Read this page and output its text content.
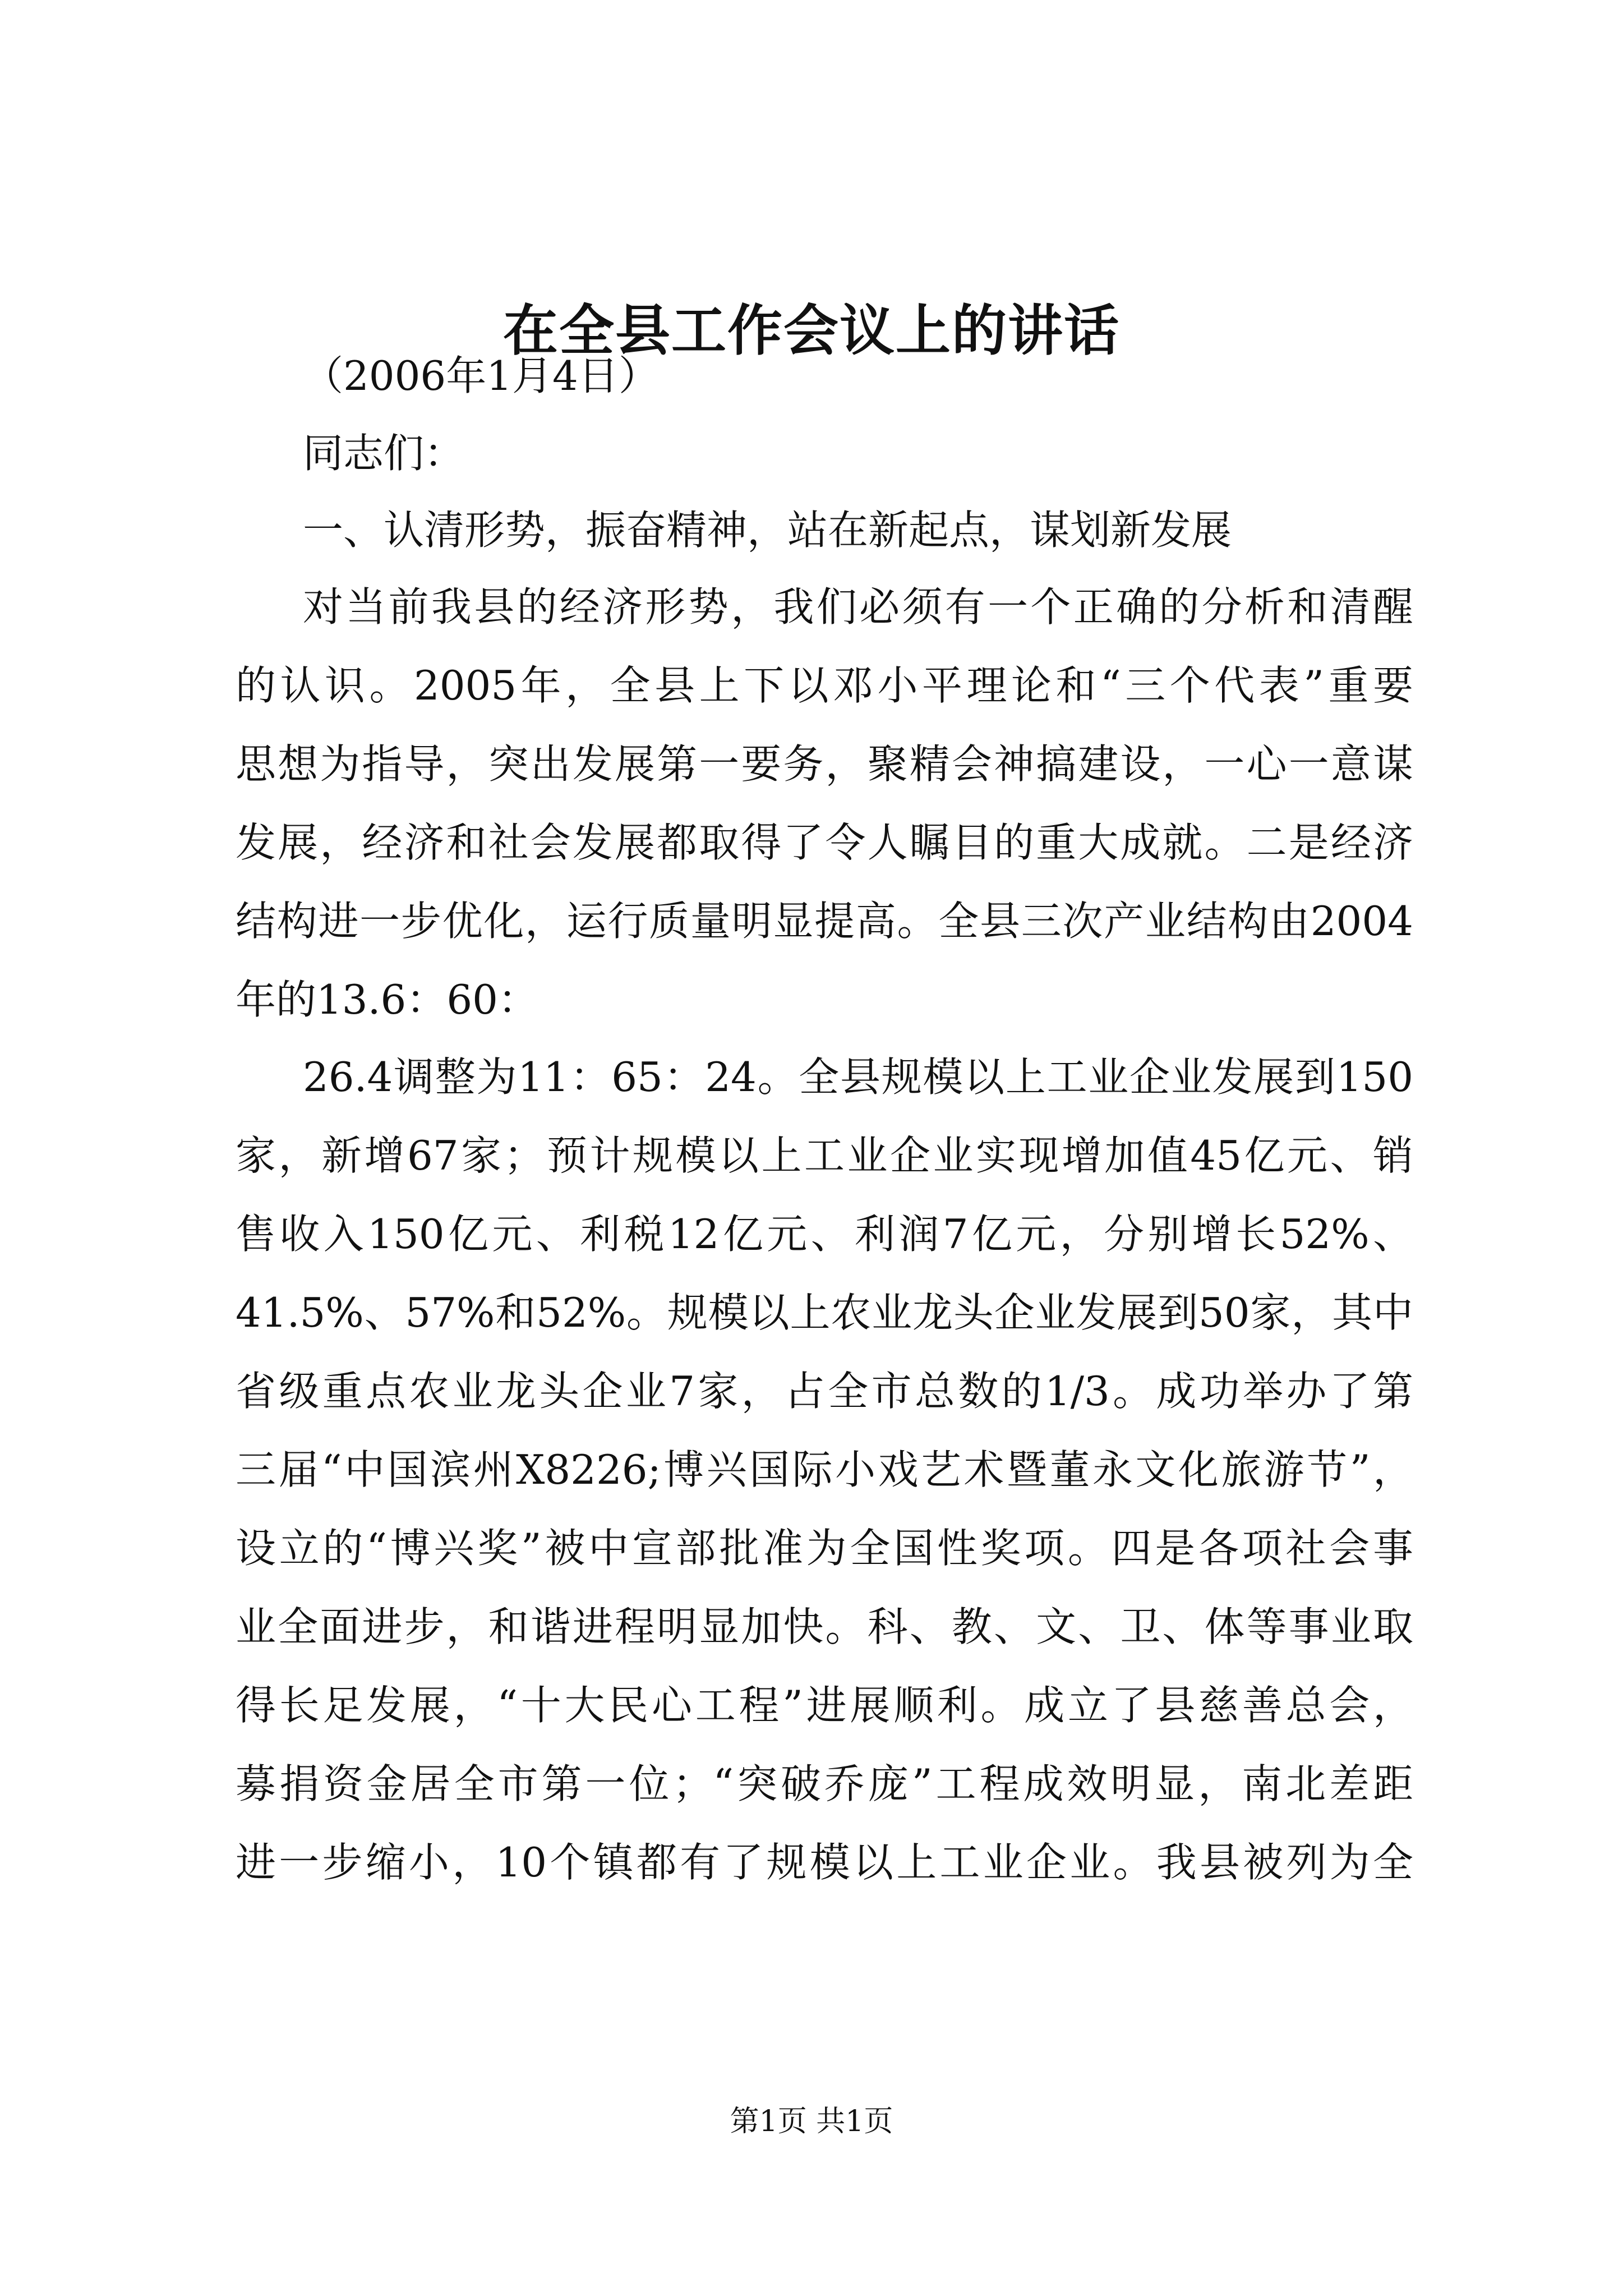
在全县工作会议上的讲话
（2006年1月4日）
同志们：
一、认清形势，振奋精神，站在新起点，谋划新发展
对当前我县的经济形势，我们必须有一个正确的分析和清醒
的认识。2005年，全县上下以邓小平理论和“三个代表”重要
思想为指导，突出发展第一要务，聚精会神搞建设，一心一意谋
发展，经济和社会发展都取得了令人瞩目的重大成就。二是经济
结构进一步优化，运行质量明显提高。全县三次产业结构由2004
年的13.6：60：
26.4调整为11：65：24。全县规模以上工业企业发展到150
家，新增67家；预计规模以上工业企业实现增加值45亿元、销
售收入150亿元、利税12亿元、利润7亿元，分别增长52%、
41.5%、57%和52%。规模以上农业龙头企业发展到50家，其中
省级重点农业龙头企业7家，占全市总数的1/3。成功举办了第
三届“中国滨州X8226;博兴国际小戏艺术暨董永文化旅游节”，
设立的“博兴奖”被中宣部批准为全国性奖项。四是各项社会事
业全面进步，和谐进程明显加快。科、教、文、卫、体等事业取
得长足发展，“十大民心工程”进展顺利。成立了县慈善总会，
募捐资金居全市第一位；“突破乔庞”工程成效明显，南北差距
进一步缩小，10个镇都有了规模以上工业企业。我县被列为全
第1页 共1页
